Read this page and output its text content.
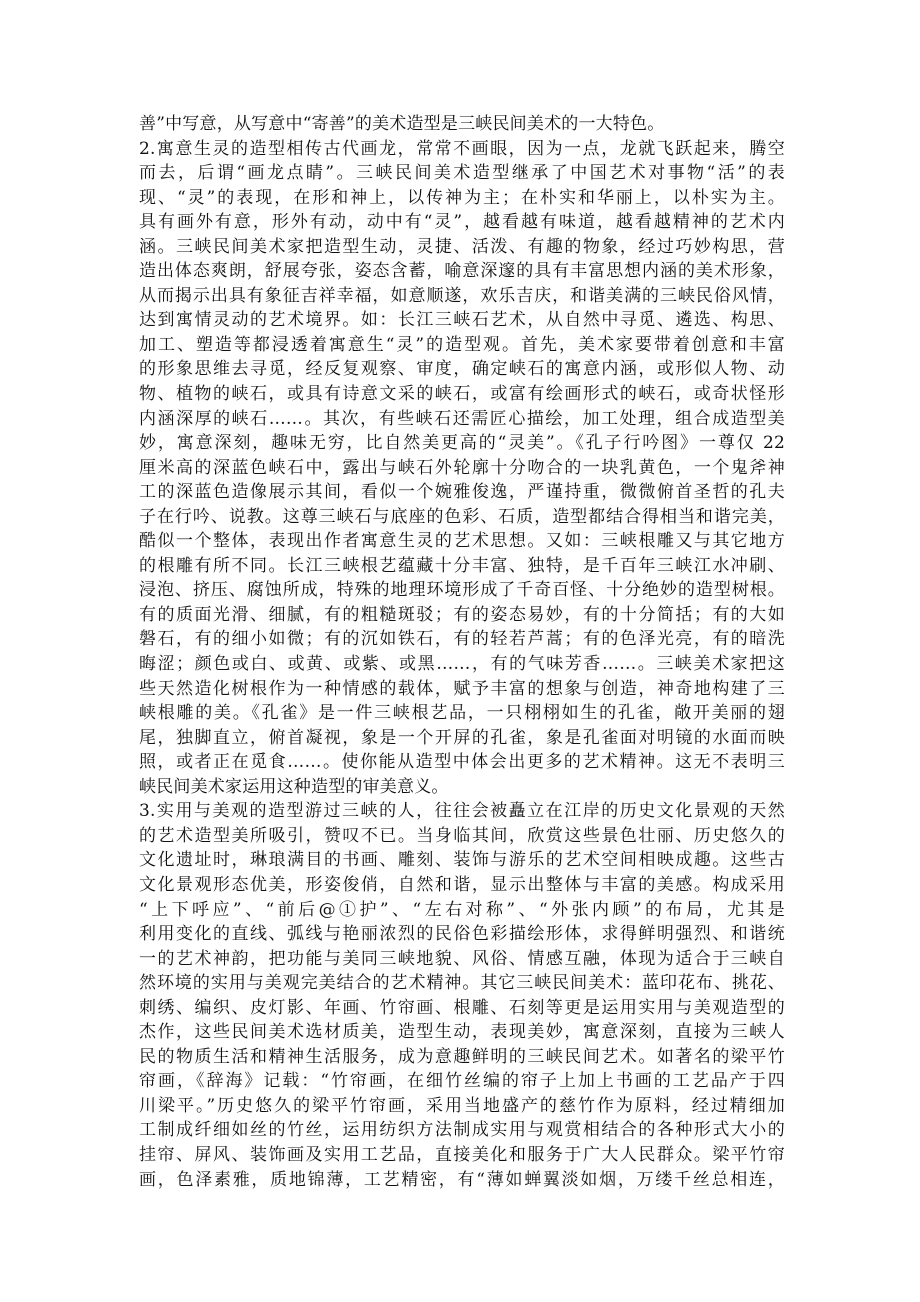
善”中写意，从写意中“寄善”的美术造型是三峡民间美术的一大特色。
2.寓意生灵的造型相传古代画龙，常常不画眼，因为一点，龙就飞跃起来，腾空
而去，后谓“画龙点睛”。三峡民间美术造型继承了中国艺术对事物“活”的表
现、“灵”的表现，在形和神上，以传神为主；在朴实和华丽上，以朴实为主。
具有画外有意，形外有动，动中有“灵”，越看越有味道，越看越精神的艺术内
涵。三峡民间美术家把造型生动，灵捷、活泼、有趣的物象，经过巧妙构思，营
造出体态爽朗，舒展夸张，姿态含蓄，喻意深邃的具有丰富思想内涵的美术形象，
从而揭示出具有象征吉祥幸福，如意顺遂，欢乐吉庆，和谐美满的三峡民俗风情，
达到寓情灵动的艺术境界。如：长江三峡石艺术，从自然中寻觅、遴选、构思、
加工、塑造等都浸透着寓意生“灵”的造型观。首先，美术家要带着创意和丰富
的形象思维去寻觅，经反复观察、审度，确定峡石的寓意内涵，或形似人物、动
物、植物的峡石，或具有诗意文采的峡石，或富有绘画形式的峡石，或奇状怪形
内涵深厚的峡石……。其次，有些峡石还需匠心描绘，加工处理，组合成造型美
妙，寓意深刻，趣味无穷，比自然美更高的“灵美”。《孔子行吟图》一尊仅 22
厘米高的深蓝色峡石中，露出与峡石外轮廓十分吻合的一块乳黄色，一个鬼斧神
工的深蓝色造像展示其间，看似一个婉雅俊逸，严谨持重，微微俯首圣哲的孔夫
子在行吟、说教。这尊三峡石与底座的色彩、石质，造型都结合得相当和谐完美，
酷似一个整体，表现出作者寓意生灵的艺术思想。又如：三峡根雕又与其它地方
的根雕有所不同。长江三峡根艺蕴藏十分丰富、独特，是千百年三峡江水冲刷、
浸泡、挤压、腐蚀所成，特殊的地理环境形成了千奇百怪、十分绝妙的造型树根。
有的质面光滑、细腻，有的粗糙斑驳；有的姿态易妙，有的十分简括；有的大如
磐石，有的细小如微；有的沉如铁石，有的轻若芦蒿；有的色泽光亮，有的暗洗
晦涩；颜色或白、或黄、或紫、或黑……，有的气味芳香……。三峡美术家把这
些天然造化树根作为一种情感的载体，赋予丰富的想象与创造，神奇地构建了三
峡根雕的美。《孔雀》是一件三峡根艺品，一只栩栩如生的孔雀，敞开美丽的翅
尾，独脚直立，俯首凝视，象是一个开屏的孔雀，象是孔雀面对明镜的水面而映
照，或者正在觅食……。使你能从造型中体会出更多的艺术精神。这无不表明三
峡民间美术家运用这种造型的审美意义。
3.实用与美观的造型游过三峡的人，往往会被矗立在江岸的历史文化景观的天然
的艺术造型美所吸引，赞叹不已。当身临其间，欣赏这些景色壮丽、历史悠久的
文化遗址时，琳琅满目的书画、雕刻、装饰与游乐的艺术空间相映成趣。这些古
文化景观形态优美，形姿俊俏，自然和谐，显示出整体与丰富的美感。构成采用
“上下呼应”、“前后@①护”、“左右对称”、“外张内顾”的布局，尤其是
利用变化的直线、弧线与艳丽浓烈的民俗色彩描绘形体，求得鲜明强烈、和谐统
一的艺术神韵，把功能与美同三峡地貌、风俗、情感互融，体现为适合于三峡自
然环境的实用与美观完美结合的艺术精神。其它三峡民间美术：蓝印花布、挑花、
刺绣、编织、皮灯影、年画、竹帘画、根雕、石刻等更是运用实用与美观造型的
杰作，这些民间美术选材质美，造型生动，表现美妙，寓意深刻，直接为三峡人
民的物质生活和精神生活服务，成为意趣鲜明的三峡民间艺术。如著名的梁平竹
帘画，《辞海》记载：“竹帘画，在细竹丝编的帘子上加上书画的工艺品产于四
川梁平。”历史悠久的梁平竹帘画，采用当地盛产的慈竹作为原料，经过精细加
工制成纤细如丝的竹丝，运用纺织方法制成实用与观赏相结合的各种形式大小的
挂帘、屏风、装饰画及实用工艺品，直接美化和服务于广大人民群众。梁平竹帘
画，色泽素雅，质地锦薄，工艺精密，有“薄如蝉翼淡如烟，万缕千丝总相连，
